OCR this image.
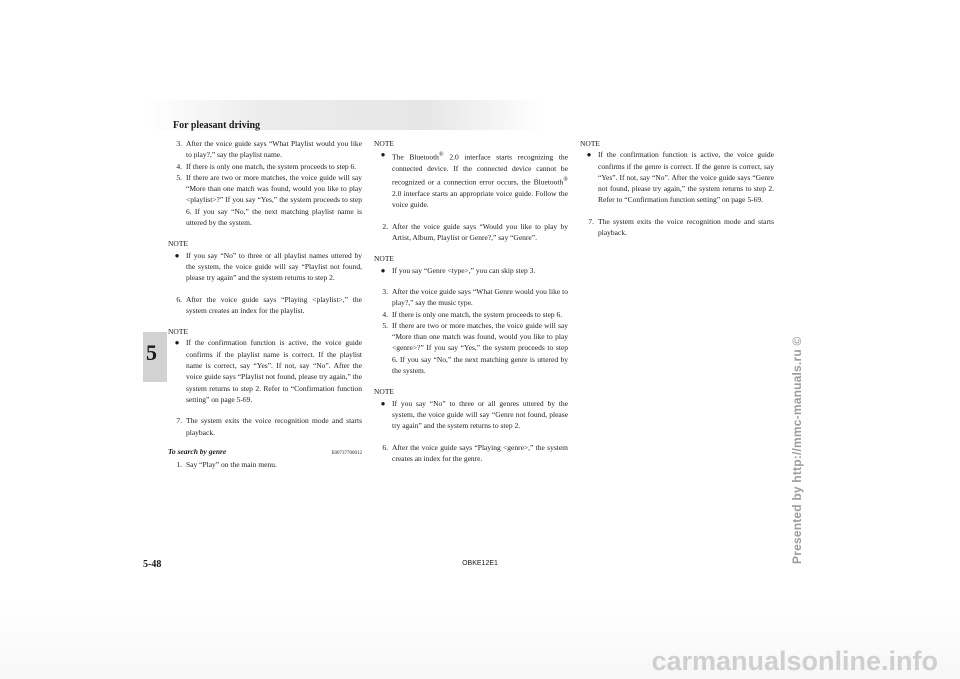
For pleasant driving
5
3. After the voice guide says “What Playlist would you like to play?,” say the playlist name.
4. If there is only one match, the system proceeds to step 6.
5. If there are two or more matches, the voice guide will say “More than one match was found, would you like to play <playlist>?” If you say “Yes,” the system proceeds to step 6. If you say “No,” the next matching playlist name is uttered by the system.
NOTE
● If you say “No” to three or all playlist names uttered by the system, the voice guide will say “Playlist not found, please try again” and the system returns to step 2.
6. After the voice guide says “Playing <playlist>,” the system creates an index for the playlist.
NOTE
● If the confirmation function is active, the voice guide confirms if the playlist name is correct. If the playlist name is correct, say “Yes”. If not, say “No”. After the voice guide says “Playlist not found, please try again,” the system returns to step 2. Refer to “Confirmation function setting” on page 5-69.
7. The system exits the voice recognition mode and starts playback.
To search by genre	E00737700012
1. Say “Play” on the main menu.
NOTE
● The Bluetooth® 2.0 interface starts recognizing the connected device. If the connected device cannot be recognized or a connection error occurs, the Bluetooth® 2.0 interface starts an appropriate voice guide. Follow the voice guide.
2. After the voice guide says “Would you like to play by Artist, Album, Playlist or Genre?,” say “Genre”.
NOTE
● If you say “Genre <type>,” you can skip step 3.
3. After the voice guide says “What Genre would you like to play?,” say the music type.
4. If there is only one match, the system proceeds to step 6.
5. If there are two or more matches, the voice guide will say “More than one match was found, would you like to play <genre>?” If you say “Yes,” the system proceeds to step 6. If you say “No,” the next matching genre is uttered by the system.
NOTE
● If you say “No” to three or all genres uttered by the system, the voice guide will say “Genre not found, please try again” and the system returns to step 2.
6. After the voice guide says “Playing <genre>,” the system creates an index for the genre.
NOTE
● If the confirmation function is active, the voice guide confirms if the genre is correct. If the genre is correct, say “Yes”. If not, say “No”. After the voice guide says “Genre not found, please try again,” the system returns to step 2. Refer to “Confirmation function setting” on page 5-69.
7. The system exits the voice recognition mode and starts playback.
5-48	OBKE12E1	Presented by http://mmc-manuals.ru ©
carmanualsonline.info
